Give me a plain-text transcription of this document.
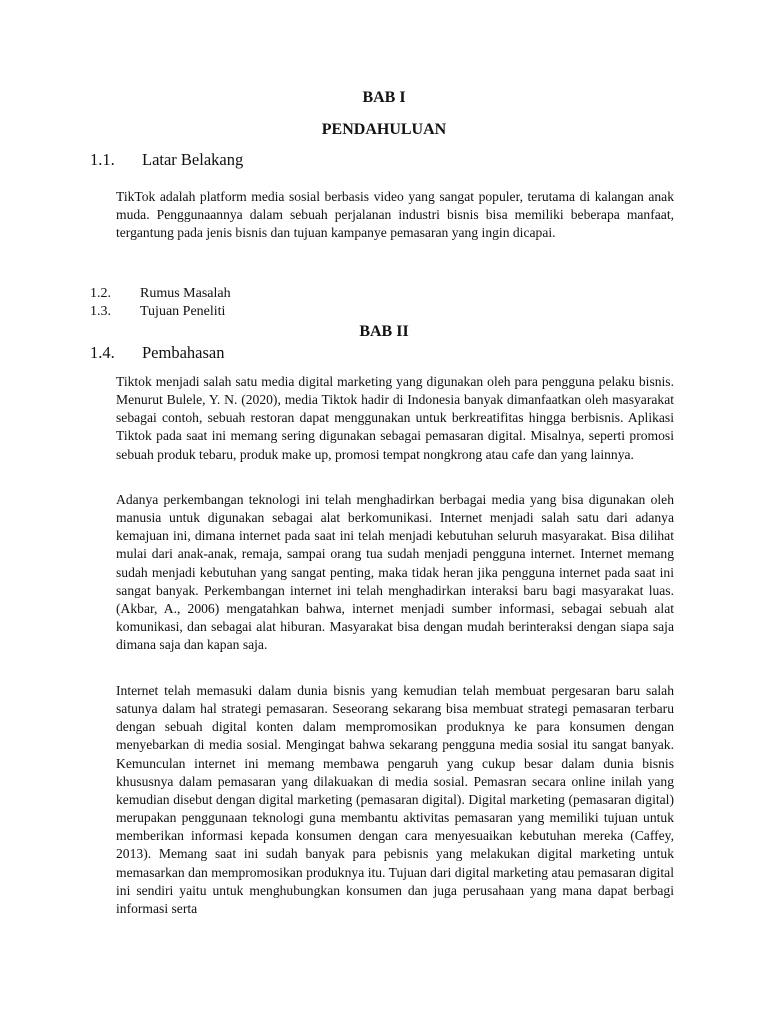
BAB I
PENDAHULUAN
1.1. Latar Belakang

TikTok adalah platform media sosial berbasis video yang sangat populer, terutama di kalangan anak muda. Penggunaannya dalam sebuah perjalanan industri bisnis bisa memiliki beberapa manfaat, tergantung pada jenis bisnis dan tujuan kampanye pemasaran yang ingin dicapai.

1.2. Rumus Masalah
1.3. Tujuan Peneliti
BAB II
1.4. Pembahasan

Tiktok menjadi salah satu media digital marketing yang digunakan oleh para pengguna pelaku bisnis. Menurut Bulele, Y. N. (2020), media Tiktok hadir di Indonesia banyak dimanfaatkan oleh masyarakat sebagai contoh, sebuah restoran dapat menggunakan untuk berkreatifitas hingga berbisnis. Aplikasi Tiktok pada saat ini memang sering digunakan sebagai pemasaran digital. Misalnya, seperti promosi sebuah produk tebaru, produk make up, promosi tempat nongkrong atau cafe dan yang lainnya.

Adanya perkembangan teknologi ini telah menghadirkan berbagai media yang bisa digunakan oleh manusia untuk digunakan sebagai alat berkomunikasi. Internet menjadi salah satu dari adanya kemajuan ini, dimana internet pada saat ini telah menjadi kebutuhan seluruh masyarakat. Bisa dilihat mulai dari anak-anak, remaja, sampai orang tua sudah menjadi pengguna internet. Internet memang sudah menjadi kebutuhan yang sangat penting, maka tidak heran jika pengguna internet pada saat ini sangat banyak. Perkembangan internet ini telah menghadirkan interaksi baru bagi masyarakat luas. (Akbar, A., 2006) mengatahkan bahwa, internet menjadi sumber informasi, sebagai sebuah alat komunikasi, dan sebagai alat hiburan. Masyarakat bisa dengan mudah berinteraksi dengan siapa saja dimana saja dan kapan saja.

Internet telah memasuki dalam dunia bisnis yang kemudian telah membuat pergesaran baru salah satunya dalam hal strategi pemasaran. Seseorang sekarang bisa membuat strategi pemasaran terbaru dengan sebuah digital konten dalam mempromosikan produknya ke para konsumen dengan menyebarkan di media sosial. Mengingat bahwa sekarang pengguna media sosial itu sangat banyak. Kemunculan internet ini memang membawa pengaruh yang cukup besar dalam dunia bisnis khususnya dalam pemasaran yang dilakuakan di media sosial. Pemasran secara online inilah yang kemudian disebut dengan digital marketing (pemasaran digital). Digital marketing (pemasaran digital) merupakan penggunaan teknologi guna membantu aktivitas pemasaran yang memiliki tujuan untuk memberikan informasi kepada konsumen dengan cara menyesuaikan kebutuhan mereka (Caffey, 2013). Memang saat ini sudah banyak para pebisnis yang melakukan digital marketing untuk memasarkan dan mempromosikan produknya itu. Tujuan dari digital marketing atau pemasaran digital ini sendiri yaitu untuk menghubungkan konsumen dan juga perusahaan yang mana dapat berbagi informasi serta
